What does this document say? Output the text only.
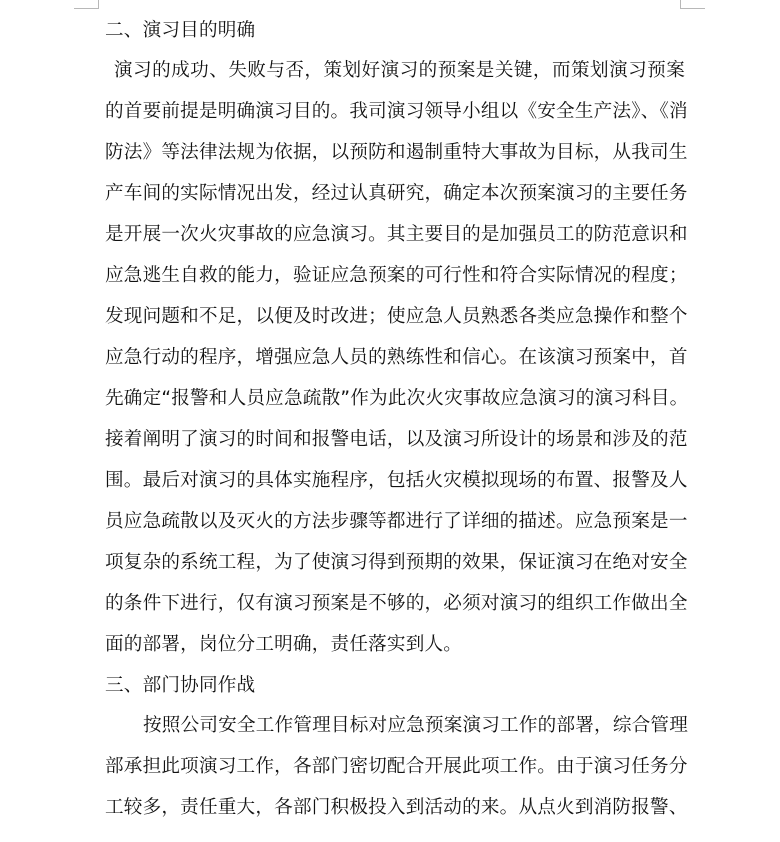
二、演习目的明确
演习的成功、失败与否，策划好演习的预案是关键，而策划演习预案
的首要前提是明确演习目的。我司演习领导小组以《安全生产法》、《消
防法》等法律法规为依据，以预防和遏制重特大事故为目标，从我司生
产车间的实际情况出发，经过认真研究，确定本次预案演习的主要任务
是开展一次火灾事故的应急演习。其主要目的是加强员工的防范意识和
应急逃生自救的能力，验证应急预案的可行性和符合实际情况的程度；
发现问题和不足，以便及时改进；使应急人员熟悉各类应急操作和整个
应急行动的程序，增强应急人员的熟练性和信心。在该演习预案中，首
先确定“报警和人员应急疏散”作为此次火灾事故应急演习的演习科目。
接着阐明了演习的时间和报警电话，以及演习所设计的场景和涉及的范
围。最后对演习的具体实施程序，包括火灾模拟现场的布置、报警及人
员应急疏散以及灭火的方法步骤等都进行了详细的描述。应急预案是一
项复杂的系统工程，为了使演习得到预期的效果，保证演习在绝对安全
的条件下进行，仅有演习预案是不够的，必须对演习的组织工作做出全
面的部署，岗位分工明确，责任落实到人。
三、部门协同作战
按照公司安全工作管理目标对应急预案演习工作的部署，综合管理
部承担此项演习工作，各部门密切配合开展此项工作。由于演习任务分
工较多，责任重大，各部门积极投入到活动的来。从点火到消防报警、
